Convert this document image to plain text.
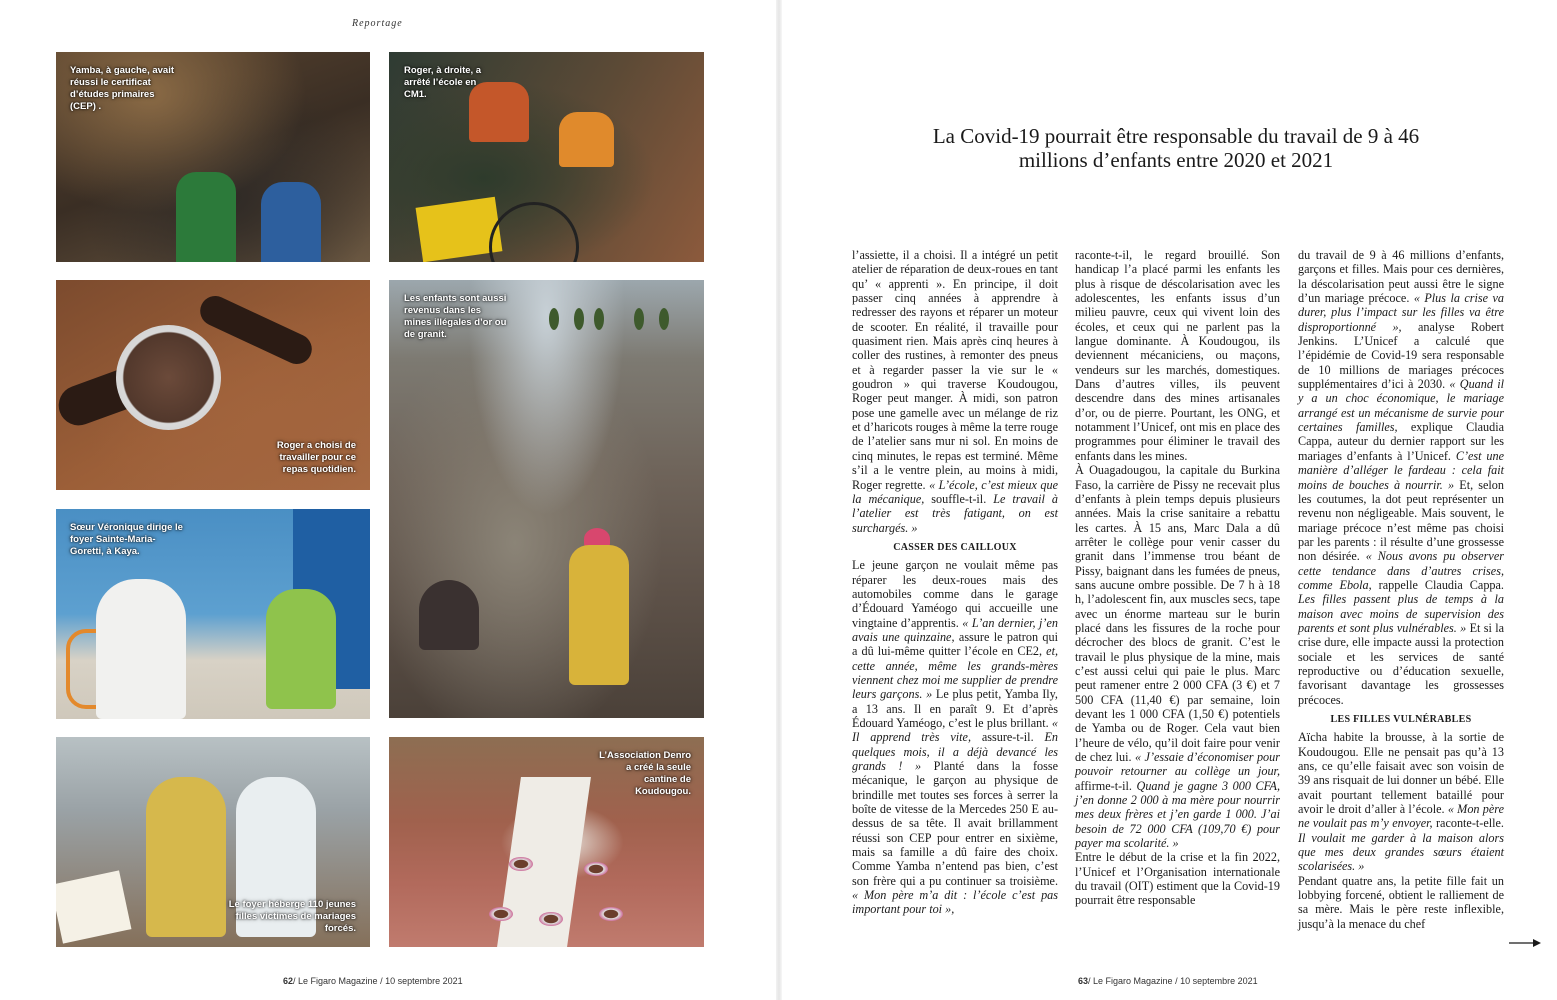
Reportage
Yamba, à gauche, avait réussi le certificat d’études primaires (CEP) .
Roger, à droite, a arrêté l’école en CM1.
Roger a choisi de travailler pour ce repas quotidien.
Les enfants sont aussi revenus dans les mines illégales d’or ou de granit.
Sœur Véronique dirige le foyer Sainte-Maria-Goretti, à Kaya.
Le foyer héberge 110 jeunes filles victimes de mariages forcés.
L’Association Denro a créé la seule cantine de Koudougou.
La Covid-19 pourrait être responsable du travail de 9 à 46 millions d’enfants entre 2020 et 2021

l’assiette, il a choisi. Il a intégré un petit atelier de réparation de deux-roues en tant qu’ « apprenti ». En principe, il doit passer cinq années à apprendre à redresser des rayons et réparer un moteur de scooter. En réalité, il travaille pour quasiment rien. Mais après cinq heures à coller des rustines, à remonter des pneus et à regarder passer la vie sur le « goudron » qui traverse Koudougou, Roger peut manger. À midi, son patron pose une gamelle avec un mélange de riz et d’haricots rouges à même la terre rouge de l’atelier sans mur ni sol. En moins de cinq minutes, le repas est terminé. Même s’il a le ventre plein, au moins à midi, Roger regrette. « L’école, c’est mieux que la mécanique, souffle-t-il. Le travail à l’atelier est très fatigant, on est surchargés. »

CASSER DES CAILLOUX

Le jeune garçon ne voulait même pas réparer les deux-roues mais des automobiles comme dans le garage d’Édouard Yaméogo qui accueille une vingtaine d’apprentis. « L’an dernier, j’en avais une quinzaine, assure le patron qui a dû lui-même quitter l’école en CE2, et, cette année, même les grands-mères viennent chez moi me supplier de prendre leurs garçons. » Le plus petit, Yamba Ily, a 13 ans. Il en paraît 9. Et d’après Édouard Yaméogo, c’est le plus brillant. « Il apprend très vite, assure-t-il. En quelques mois, il a déjà devancé les grands ! » Planté dans la fosse mécanique, le garçon au physique de brindille met toutes ses forces à serrer la boîte de vitesse de la Mercedes 250 E au-dessus de sa tête. Il avait brillamment réussi son CEP pour entrer en sixième, mais sa famille a dû faire des choix. Comme Yamba n’entend pas bien, c’est son frère qui a pu continuer sa troisième. « Mon père m’a dit : l’école c’est pas important pour toi »,

raconte-t-il, le regard brouillé. Son handicap l’a placé parmi les enfants les plus à risque de déscolarisation avec les adolescentes, les enfants issus d’un milieu pauvre, ceux qui vivent loin des écoles, et ceux qui ne parlent pas la langue dominante. À Koudougou, ils deviennent mécaniciens, ou maçons, vendeurs sur les marchés, domestiques. Dans d’autres villes, ils peuvent descendre dans des mines artisanales d’or, ou de pierre. Pourtant, les ONG, et notamment l’Unicef, ont mis en place des programmes pour éliminer le travail des enfants dans les mines.

À Ouagadougou, la capitale du Burkina Faso, la carrière de Pissy ne recevait plus d’enfants à plein temps depuis plusieurs années. Mais la crise sanitaire a rebattu les cartes. À 15 ans, Marc Dala a dû arrêter le collège pour venir casser du granit dans l’immense trou béant de Pissy, baignant dans les fumées de pneus, sans aucune ombre possible. De 7 h à 18 h, l’adolescent fin, aux muscles secs, tape avec un énorme marteau sur le burin placé dans les fissures de la roche pour décrocher des blocs de granit. C’est le travail le plus physique de la mine, mais c’est aussi celui qui paie le plus. Marc peut ramener entre 2 000 CFA (3 €) et 7 500 CFA (11,40 €) par semaine, loin devant les 1 000 CFA (1,50 €) potentiels de Yamba ou de Roger. Cela vaut bien l’heure de vélo, qu’il doit faire pour venir de chez lui. « J’essaie d’économiser pour pouvoir retourner au collège un jour, affirme-t-il. Quand je gagne 3 000 CFA, j’en donne 2 000 à ma mère pour nourrir mes deux frères et j’en garde 1 000. J’ai besoin de 72 000 CFA (109,70 €) pour payer ma scolarité. »

Entre le début de la crise et la fin 2022, l’Unicef et l’Organisation internationale du travail (OIT) estiment que la Covid-19 pourrait être responsable

du travail de 9 à 46 millions d’enfants, garçons et filles. Mais pour ces dernières, la déscolarisation peut aussi être le signe d’un mariage précoce. « Plus la crise va durer, plus l’impact sur les filles va être disproportionné », analyse Robert Jenkins. L’Unicef a calculé que l’épidémie de Covid-19 sera responsable de 10 millions de mariages précoces supplémentaires d’ici à 2030. « Quand il y a un choc économique, le mariage arrangé est un mécanisme de survie pour certaines familles, explique Claudia Cappa, auteur du dernier rapport sur les mariages d’enfants à l’Unicef. C’est une manière d’alléger le fardeau : cela fait moins de bouches à nourrir. » Et, selon les coutumes, la dot peut représenter un revenu non négligeable. Mais souvent, le mariage précoce n’est même pas choisi par les parents : il résulte d’une grossesse non désirée. « Nous avons pu observer cette tendance dans d’autres crises, comme Ebola, rappelle Claudia Cappa. Les filles passent plus de temps à la maison avec moins de supervision des parents et sont plus vulnérables. » Et si la crise dure, elle impacte aussi la protection sociale et les services de santé reproductive ou d’éducation sexuelle, favorisant davantage les grossesses précoces.

LES FILLES VULNÉRABLES

Aïcha habite la brousse, à la sortie de Koudougou. Elle ne pensait pas qu’à 13 ans, ce qu’elle faisait avec son voisin de 39 ans risquait de lui donner un bébé. Elle avait pourtant tellement bataillé pour avoir le droit d’aller à l’école. « Mon père ne voulait pas m’y envoyer, raconte-t-elle. Il voulait me garder à la maison alors que mes deux grandes sœurs étaient scolarisées. »

Pendant quatre ans, la petite fille fait un lobbying forcené, obtient le ralliement de sa mère. Mais le père reste inflexible, jusqu’à la menace du chef

62/ Le Figaro Magazine / 10 septembre 2021	63/ Le Figaro Magazine / 10 septembre 2021
